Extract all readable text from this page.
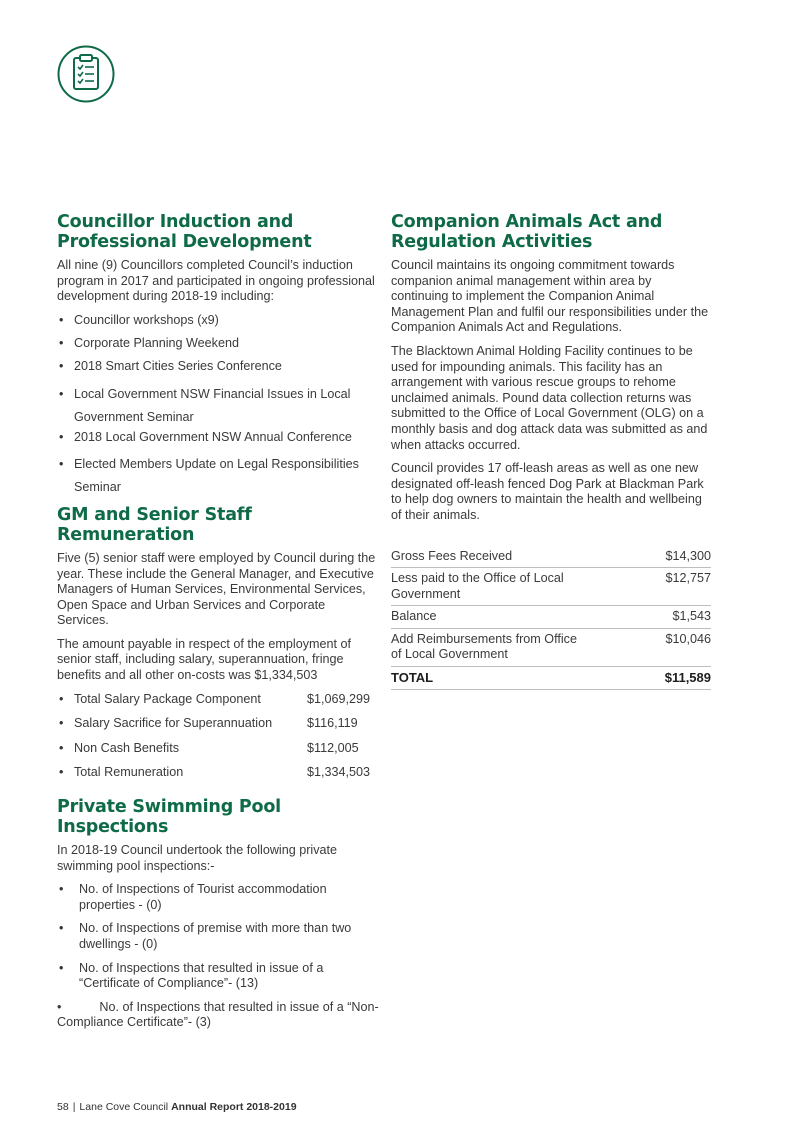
Councillor Induction and
Professional Development

All nine (9) Councillors completed Council’s induction program in 2017 and participated in ongoing professional development during 2018-19 including:

• Councillor workshops (x9)
• Corporate Planning Weekend
• 2018 Smart Cities Series Conference
• Local Government NSW Financial Issues in Local Government Seminar
• 2018 Local Government NSW Annual Conference
• Elected Members Update on Legal Responsibilities Seminar
GM and Senior Staff Remuneration

Five (5) senior staff were employed by Council during the year. These include the General Manager, and Executive Managers of Human Services, Environmental Services, Open Space and Urban Services and Corporate Services.

The amount payable in respect of the employment of senior staff, including salary, superannuation, fringe benefits and all other on-costs was $1,334,503

• Total Salary Package Component	$1,069,299
• Salary Sacrifice for Superannuation	$116,119
• Non Cash Benefits	$112,005
• Total Remuneration	$1,334,503
Private Swimming Pool Inspections

In 2018-19 Council undertook the following private swimming pool inspections:-

• No. of Inspections of Tourist accommodation properties - (0)
• No. of Inspections of premise with more than two dwellings - (0)
• No. of Inspections that resulted in issue of a “Certificate of Compliance”- (13)

•	No. of Inspections that resulted in issue of a “Non-Compliance Certificate”- (3)

Companion Animals Act and
Regulation Activities

Council maintains its ongoing commitment towards companion animal management within area by continuing to implement the Companion Animal Management Plan and fulfil our responsibilities under the Companion Animals Act and Regulations.

The Blacktown Animal Holding Facility continues to be used for impounding animals. This facility has an arrangement with various rescue groups to rehome unclaimed animals. Pound data collection returns was submitted to the Office of Local Government (OLG) on a monthly basis and dog attack data was submitted as and when attacks occurred.

Council provides 17 off-leash areas as well as one new designated off-leash fenced Dog Park at Blackman Park to help dog owners to maintain the health and wellbeing of their animals.

Gross Fees Received	$14,300
Less paid to the Office of Local Government	$12,757
Balance	$1,543
Add Reimbursements from Office of Local Government	$10,046
TOTAL	$11,589
58 | Lane Cove Council Annual Report 2018-2019
